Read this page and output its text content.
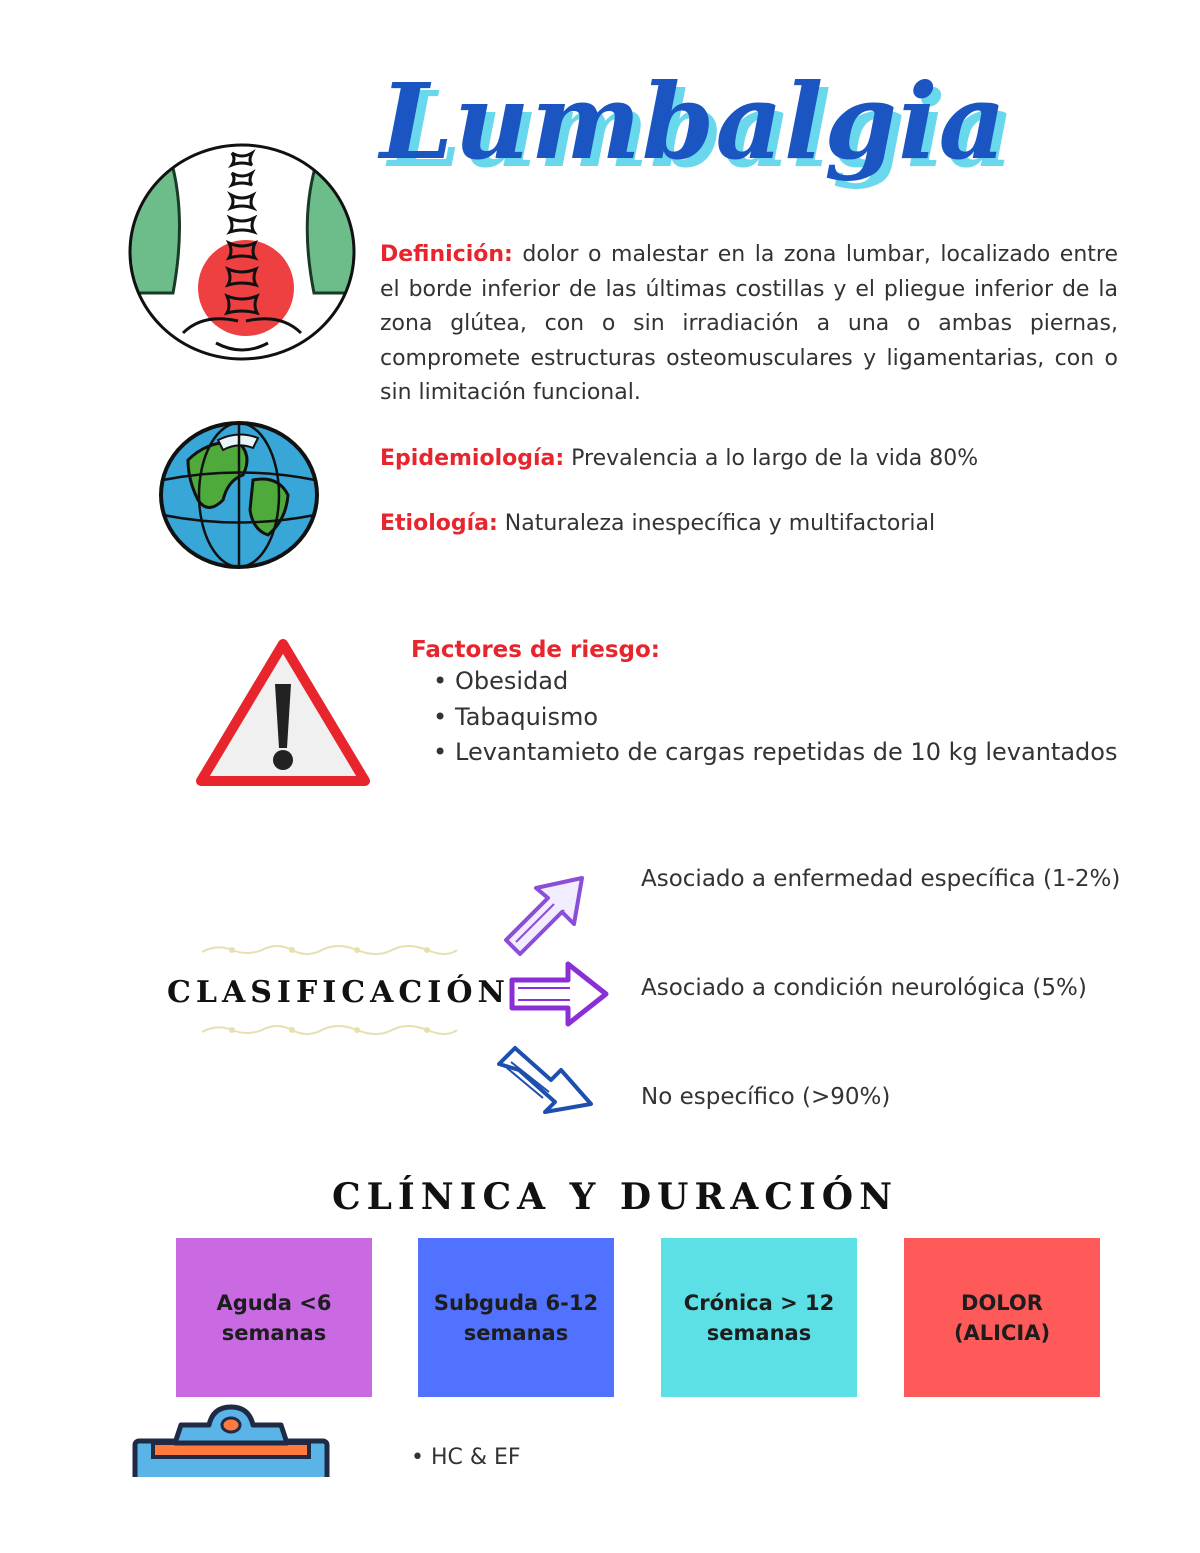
Lumbalgia
Definición: dolor o malestar en la zona lumbar, localizado entre el borde inferior de las últimas costillas y el pliegue inferior de la zona glútea, con o sin irradiación a una o ambas piernas, compromete estructuras osteomusculares y ligamentarias, con o sin limitación funcional.
Epidemiología: Prevalencia a lo largo de la vida 80%
Etiología: Naturaleza inespecífica y multifactorial
Factores de riesgo:
• Obesidad
• Tabaquismo
• Levantamieto de cargas repetidas de 10 kg levantados
CLASIFICACIÓN
Asociado a enfermedad específica (1-2%)
Asociado a condición neurológica (5%)
No específico (>90%)
CLÍNICA Y DURACIÓN
Aguda <6
semanas
Subguda 6-12
semanas
Crónica > 12
semanas
DOLOR
(ALICIA)
• HC & EF
